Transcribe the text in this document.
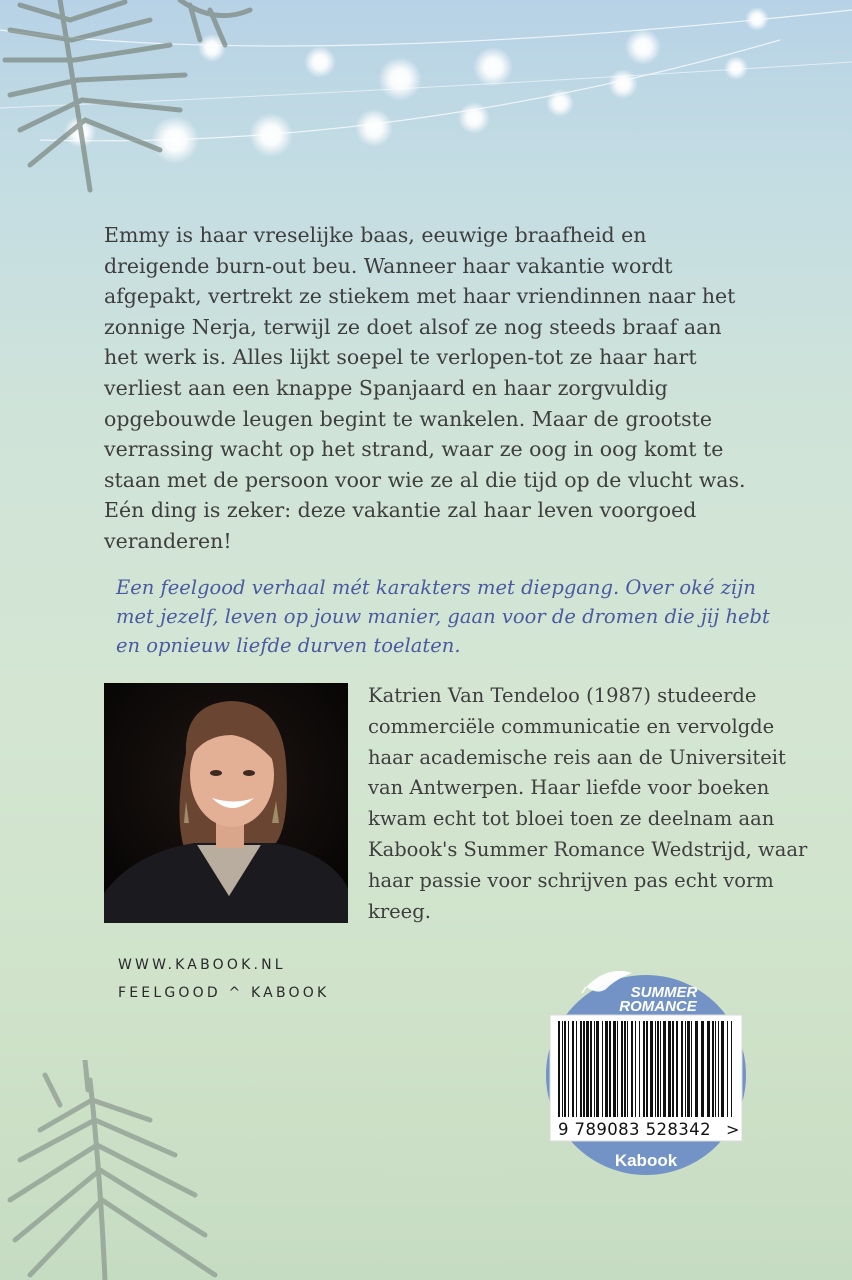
Emmy is haar vreselijke baas, eeuwige braafheid en dreigende burn-out beu. Wanneer haar vakantie wordt afgepakt, vertrekt ze stiekem met haar vriendinnen naar het zonnige Nerja, terwijl ze doet alsof ze nog steeds braaf aan het werk is. Alles lijkt soepel te verlopen-tot ze haar hart verliest aan een knappe Spanjaard en haar zorgvuldig opgebouwde leugen begint te wankelen. Maar de grootste verrassing wacht op het strand, waar ze oog in oog komt te staan met de persoon voor wie ze al die tijd op de vlucht was. Eén ding is zeker: deze vakantie zal haar leven voorgoed veranderen!

Een feelgood verhaal mét karakters met diepgang. Over oké zijn met jezelf, leven op jouw manier, gaan voor de dromen die jij hebt en opnieuw liefde durven toelaten.

Katrien Van Tendeloo (1987) studeerde commerciële communicatie en vervolgde haar academische reis aan de Universiteit van Antwerpen. Haar liefde voor boeken kwam echt tot bloei toen ze deelnam aan Kabook's Summer Romance Wedstrijd, waar haar passie voor schrijven pas echt vorm kreeg.

WWW.KABOOK.NL
FEELGOOD ^ KABOOK	SUMMER
ROMANCE
9 789083 528342 >
Kabook
